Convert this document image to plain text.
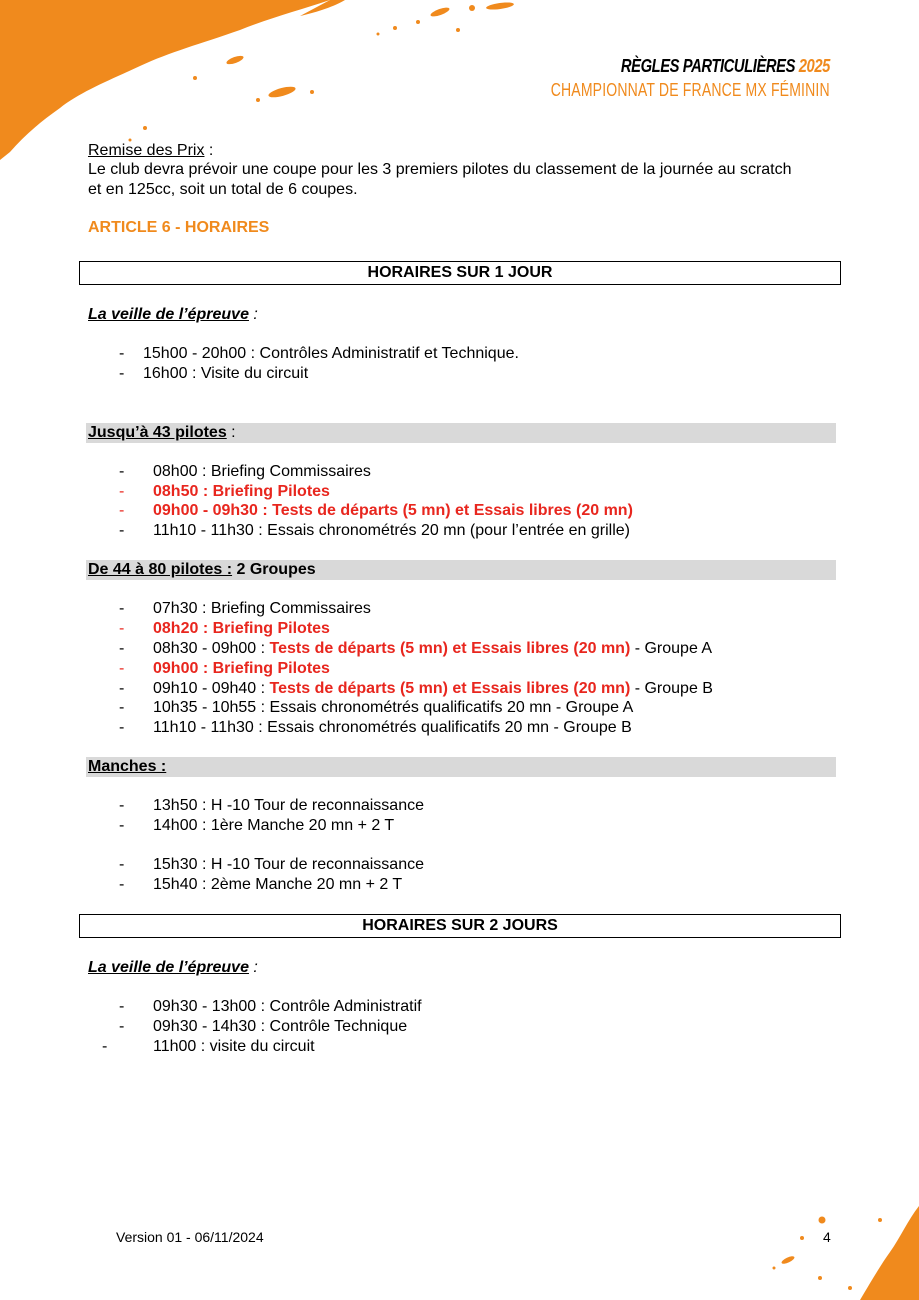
RÈGLES PARTICULIÈRES 2025
CHAMPIONNAT DE FRANCE MX FÉMININ
Remise des Prix :
Le club devra prévoir une coupe pour les 3 premiers pilotes du classement de la journée au scratch
et en 125cc, soit un total de 6 coupes.
ARTICLE 6 - HORAIRES
HORAIRES SUR 1 JOUR
La veille de l’épreuve :
- 15h00 - 20h00 : Contrôles Administratif et Technique.
- 16h00 : Visite du circuit
Jusqu’à 43 pilotes :
- 08h00 : Briefing Commissaires
- 08h50 : Briefing Pilotes
- 09h00 - 09h30 : Tests de départs (5 mn) et Essais libres (20 mn)
- 11h10 - 11h30 : Essais chronométrés 20 mn (pour l’entrée en grille)
De 44 à 80 pilotes : 2 Groupes
- 07h30 : Briefing Commissaires
- 08h20 : Briefing Pilotes
- 08h30 - 09h00 : Tests de départs (5 mn) et Essais libres (20 mn) - Groupe A
- 09h00 : Briefing Pilotes
- 09h10 - 09h40 : Tests de départs (5 mn) et Essais libres (20 mn) - Groupe B
- 10h35 - 10h55 : Essais chronométrés qualificatifs 20 mn - Groupe A
- 11h10 - 11h30 : Essais chronométrés qualificatifs 20 mn - Groupe B
Manches :
- 13h50 : H -10 Tour de reconnaissance
- 14h00 : 1ère Manche 20 mn + 2 T
- 15h30 : H -10 Tour de reconnaissance
- 15h40 : 2ème Manche 20 mn + 2 T
HORAIRES SUR 2 JOURS
La veille de l’épreuve :
- 09h30 - 13h00 : Contrôle Administratif
- 09h30 - 14h30 : Contrôle Technique
-	11h00 : visite du circuit
Version 01 - 06/11/2024	4
